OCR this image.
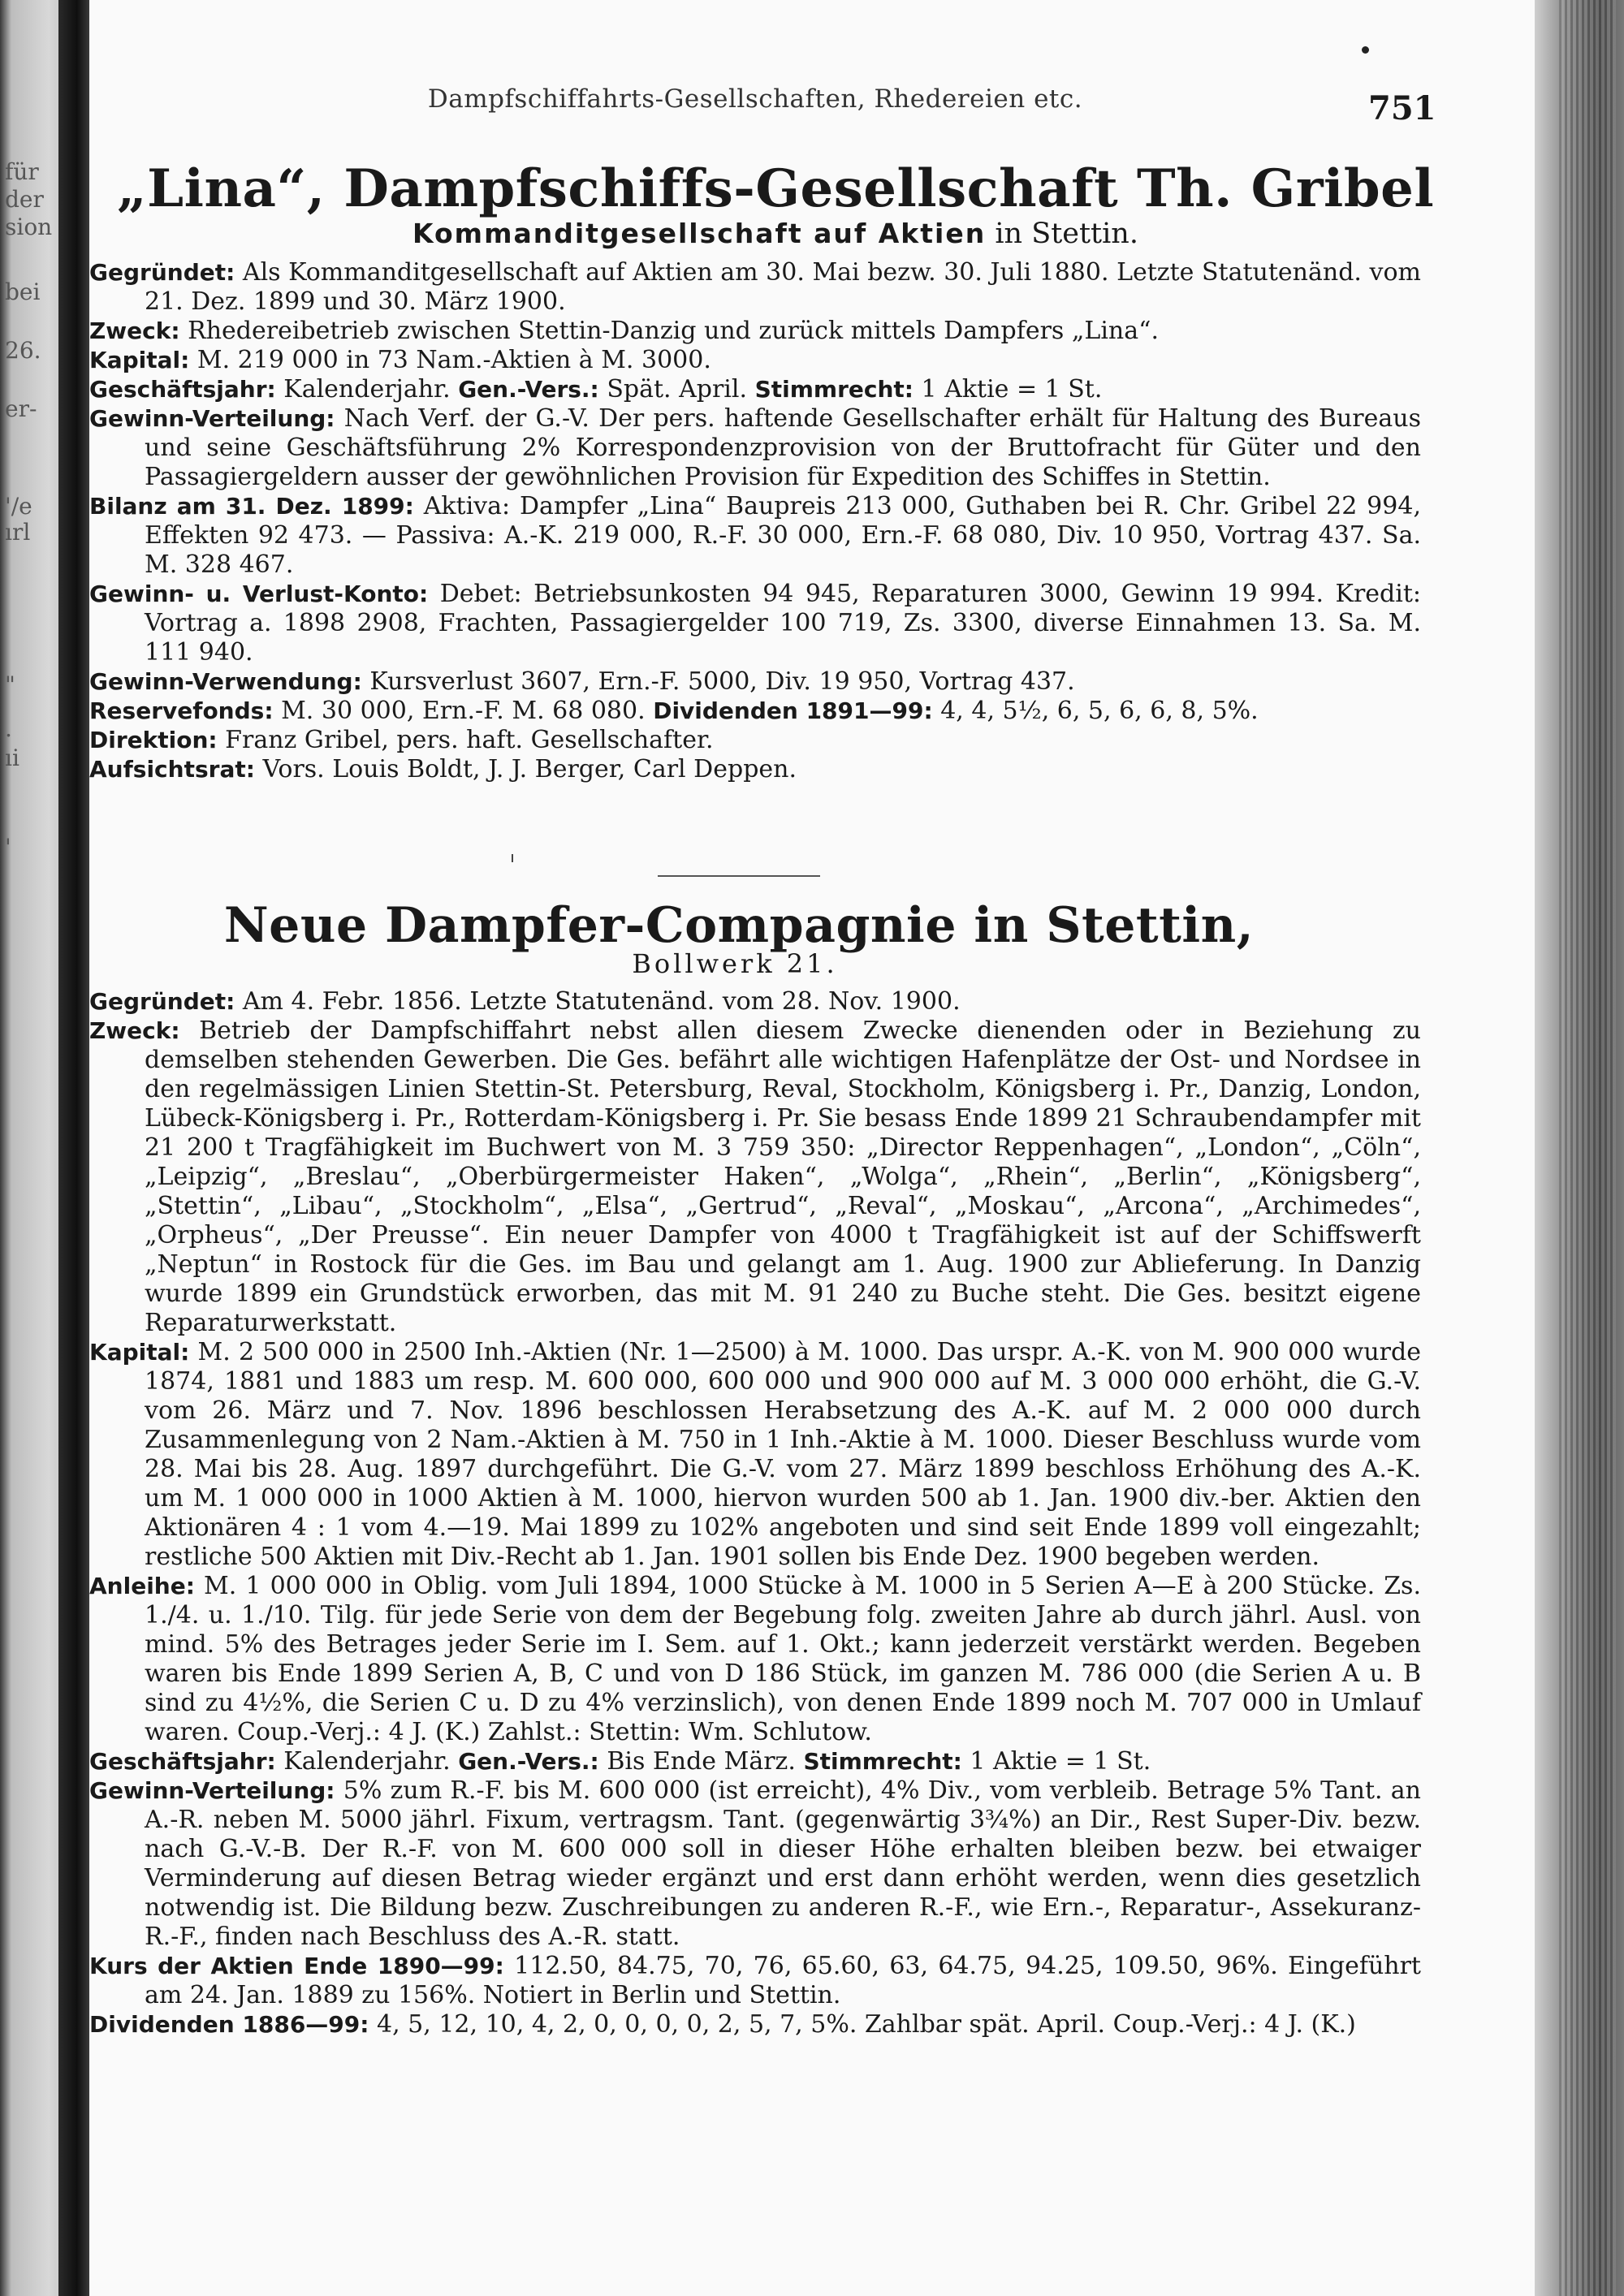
für
der
sion
bei
26.
er-
'/e
ırl
"
.
ıi
'
Dampfschiffahrts-Gesellschaften, Rhedereien etc.	751
„Lina“, Dampfschiffs-Gesellschaft Th. Gribel
Kommanditgesellschaft auf Aktien in Stettin.

Gegründet: Als Kommanditgesellschaft auf Aktien am 30. Mai bezw. 30. Juli 1880. Letzte Statutenänd. vom 21. Dez. 1899 und 30. März 1900.

Zweck: Rhedereibetrieb zwischen Stettin-Danzig und zurück mittels Dampfers „Lina“.

Kapital: M. 219 000 in 73 Nam.-Aktien à M. 3000.

Geschäftsjahr: Kalenderjahr. Gen.-Vers.: Spät. April. Stimmrecht: 1 Aktie = 1 St.

Gewinn-Verteilung: Nach Verf. der G.-V. Der pers. haftende Gesellschafter erhält für Haltung des Bureaus und seine Geschäftsführung 2% Korrespondenzprovision von der Bruttofracht für Güter und den Passagiergeldern ausser der gewöhnlichen Provision für Expedition des Schiffes in Stettin.

Bilanz am 31. Dez. 1899: Aktiva: Dampfer „Lina“ Baupreis 213 000, Guthaben bei R. Chr. Gribel 22 994, Effekten 92 473. — Passiva: A.-K. 219 000, R.-F. 30 000, Ern.-F. 68 080, Div. 10 950, Vortrag 437. Sa. M. 328 467.

Gewinn- u. Verlust-Konto: Debet: Betriebsunkosten 94 945, Reparaturen 3000, Gewinn 19 994. Kredit: Vortrag a. 1898 2908, Frachten, Passagiergelder 100 719, Zs. 3300, diverse Einnahmen 13. Sa. M. 111 940.

Gewinn-Verwendung: Kursverlust 3607, Ern.-F. 5000, Div. 19 950, Vortrag 437.

Reservefonds: M. 30 000, Ern.-F. M. 68 080. Dividenden 1891—99: 4, 4, 5½, 6, 5, 6, 6, 8, 5%.

Direktion: Franz Gribel, pers. haft. Gesellschafter.

Aufsichtsrat: Vors. Louis Boldt, J. J. Berger, Carl Deppen.

Neue Dampfer-Compagnie in Stettin,
Bollwerk 21.

Gegründet: Am 4. Febr. 1856. Letzte Statutenänd. vom 28. Nov. 1900.

Zweck: Betrieb der Dampfschiffahrt nebst allen diesem Zwecke dienenden oder in Beziehung zu demselben stehenden Gewerben. Die Ges. befährt alle wichtigen Hafenplätze der Ost- und Nordsee in den regelmässigen Linien Stettin-St. Petersburg, Reval, Stockholm, Königsberg i. Pr., Danzig, London, Lübeck-Königsberg i. Pr., Rotterdam-Königsberg i. Pr. Sie besass Ende 1899 21 Schraubendampfer mit 21 200 t Tragfähigkeit im Buchwert von M. 3 759 350: „Director Reppenhagen“, „London“, „Cöln“, „Leipzig“, „Breslau“, „Oberbürgermeister Haken“, „Wolga“, „Rhein“, „Berlin“, „Königsberg“, „Stettin“, „Libau“, „Stockholm“, „Elsa“, „Gertrud“, „Reval“, „Moskau“, „Arcona“, „Archimedes“, „Orpheus“, „Der Preusse“. Ein neuer Dampfer von 4000 t Tragfähigkeit ist auf der Schiffswerft „Neptun“ in Rostock für die Ges. im Bau und gelangt am 1. Aug. 1900 zur Ablieferung. In Danzig wurde 1899 ein Grundstück erworben, das mit M. 91 240 zu Buche steht. Die Ges. besitzt eigene Reparaturwerkstatt.

Kapital: M. 2 500 000 in 2500 Inh.-Aktien (Nr. 1—2500) à M. 1000. Das urspr. A.-K. von M. 900 000 wurde 1874, 1881 und 1883 um resp. M. 600 000, 600 000 und 900 000 auf M. 3 000 000 erhöht, die G.-V. vom 26. März und 7. Nov. 1896 beschlossen Herabsetzung des A.-K. auf M. 2 000 000 durch Zusammenlegung von 2 Nam.-Aktien à M. 750 in 1 Inh.-Aktie à M. 1000. Dieser Beschluss wurde vom 28. Mai bis 28. Aug. 1897 durchgeführt. Die G.-V. vom 27. März 1899 beschloss Erhöhung des A.-K. um M. 1 000 000 in 1000 Aktien à M. 1000, hiervon wurden 500 ab 1. Jan. 1900 div.-ber. Aktien den Aktionären 4 : 1 vom 4.—19. Mai 1899 zu 102% angeboten und sind seit Ende 1899 voll eingezahlt; restliche 500 Aktien mit Div.-Recht ab 1. Jan. 1901 sollen bis Ende Dez. 1900 begeben werden.

Anleihe: M. 1 000 000 in Oblig. vom Juli 1894, 1000 Stücke à M. 1000 in 5 Serien A—E à 200 Stücke. Zs. 1./4. u. 1./10. Tilg. für jede Serie von dem der Begebung folg. zweiten Jahre ab durch jährl. Ausl. von mind. 5% des Betrages jeder Serie im I. Sem. auf 1. Okt.; kann jederzeit verstärkt werden. Begeben waren bis Ende 1899 Serien A, B, C und von D 186 Stück, im ganzen M. 786 000 (die Serien A u. B sind zu 4½%, die Serien C u. D zu 4% verzinslich), von denen Ende 1899 noch M. 707 000 in Umlauf waren. Coup.-Verj.: 4 J. (K.) Zahlst.: Stettin: Wm. Schlutow.

Geschäftsjahr: Kalenderjahr. Gen.-Vers.: Bis Ende März. Stimmrecht: 1 Aktie = 1 St.

Gewinn-Verteilung: 5% zum R.-F. bis M. 600 000 (ist erreicht), 4% Div., vom verbleib. Betrage 5% Tant. an A.-R. neben M. 5000 jährl. Fixum, vertragsm. Tant. (gegenwärtig 3¾%) an Dir., Rest Super-Div. bezw. nach G.-V.-B. Der R.-F. von M. 600 000 soll in dieser Höhe erhalten bleiben bezw. bei etwaiger Verminderung auf diesen Betrag wieder ergänzt und erst dann erhöht werden, wenn dies gesetzlich notwendig ist. Die Bildung bezw. Zuschreibungen zu anderen R.-F., wie Ern.-, Reparatur-, Assekuranz-R.-F., finden nach Beschluss des A.-R. statt.

Kurs der Aktien Ende 1890—99: 112.50, 84.75, 70, 76, 65.60, 63, 64.75, 94.25, 109.50, 96%. Eingeführt am 24. Jan. 1889 zu 156%. Notiert in Berlin und Stettin.

Dividenden 1886—99: 4, 5, 12, 10, 4, 2, 0, 0, 0, 0, 2, 5, 7, 5%. Zahlbar spät. April. Coup.-Verj.: 4 J. (K.)
